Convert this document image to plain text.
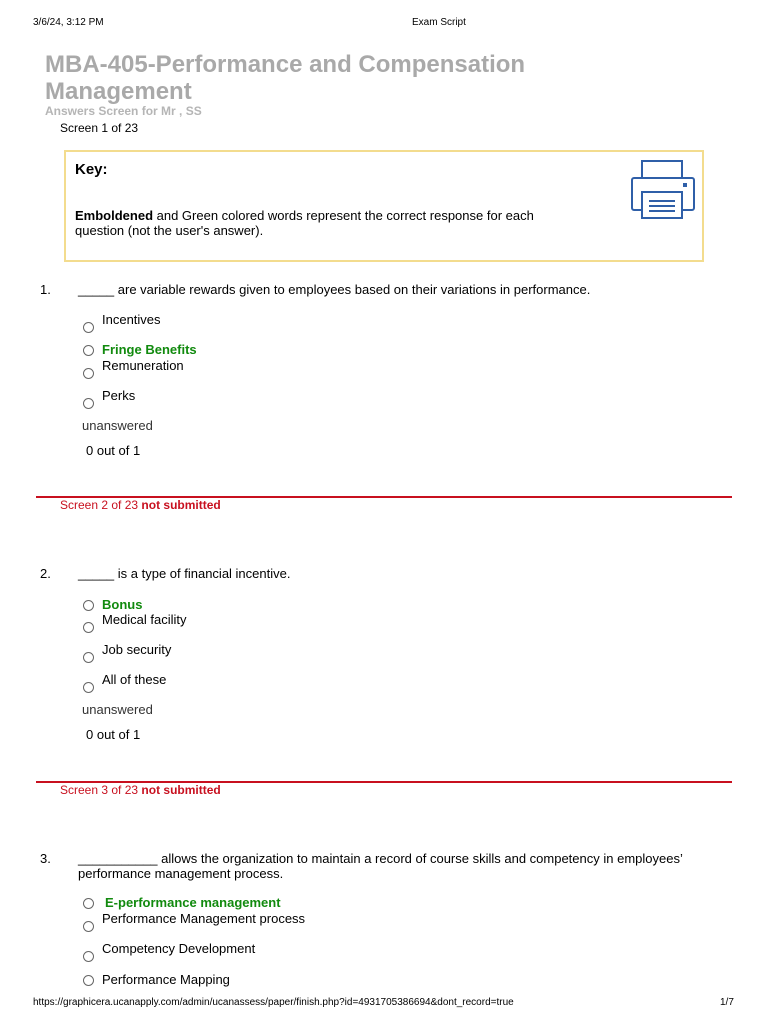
3/6/24, 3:12 PM	Exam Script
MBA-405-Performance and Compensation
Management
Answers Screen for Mr , SS
Screen 1 of 23
Key:
Emboldened and Green colored words represent the correct response for each
question (not the user's answer).
1. _____ are variable rewards given to employees based on their variations in performance.
Incentives
Fringe Benefits
Remuneration
Perks
unanswered
0 out of 1
Screen 2 of 23 not submitted
2. _____ is a type of financial incentive.
Bonus
Medical facility
Job security
All of these
unanswered
0 out of 1
Screen 3 of 23 not submitted
3. ___________ allows the organization to maintain a record of course skills and competency in employees’
performance management process.
E-performance management
Performance Management process
Competency Development
Performance Mapping
https://graphicera.ucanapply.com/admin/ucanassess/paper/finish.php?id=4931705386694&dont_record=true	1/7
